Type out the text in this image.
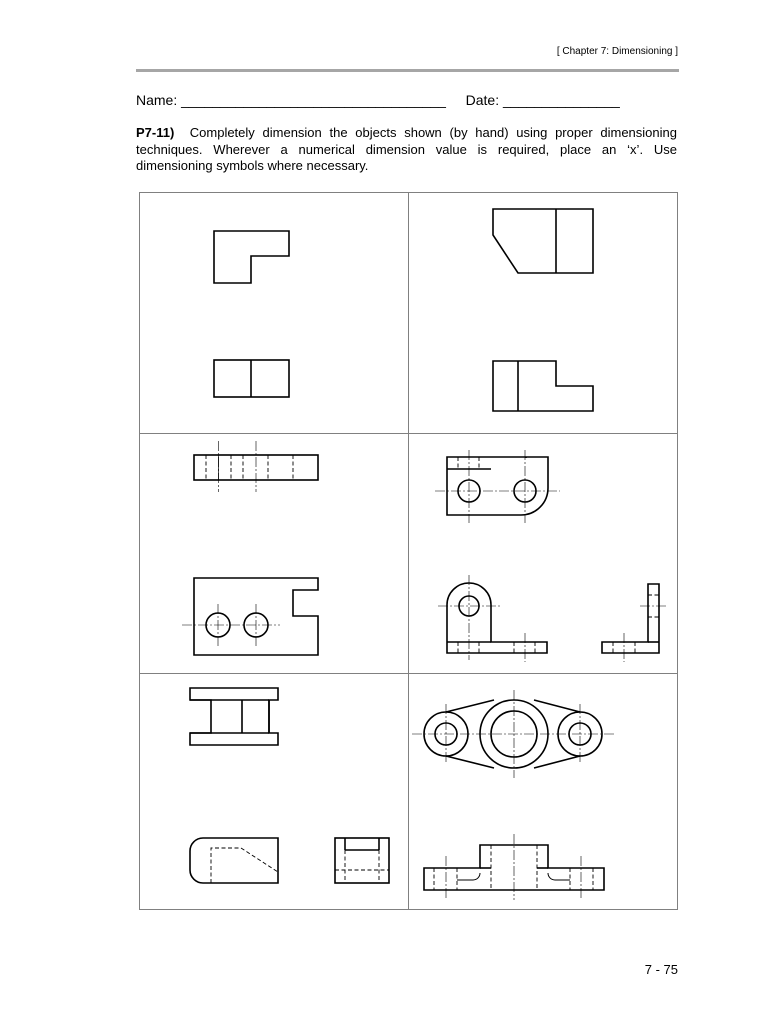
[ Chapter 7: Dimensioning ]
Name: __________________________________ Date: _______________
P7-11) Completely dimension the objects shown (by hand) using proper dimensioning techniques. Wherever a numerical dimension value is required, place an ‘x’. Use dimensioning symbols where necessary.
7 - 75
